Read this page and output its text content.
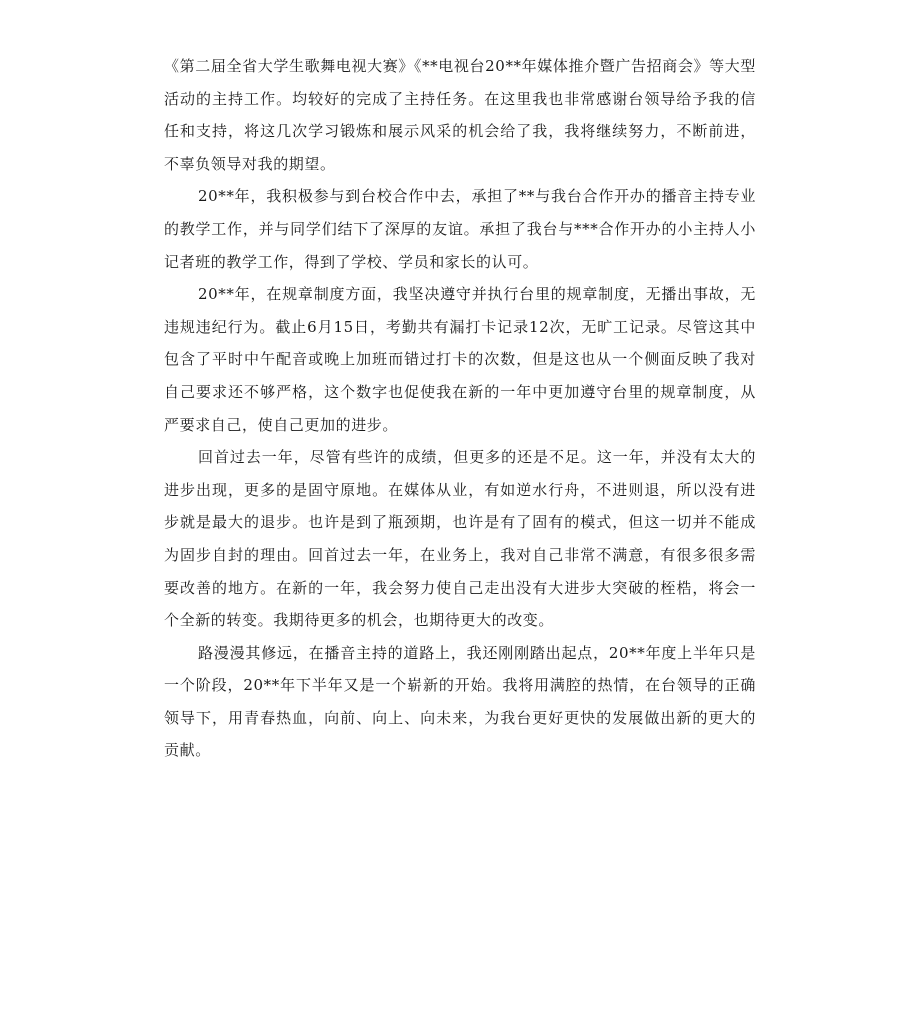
《第二届全省大学生歌舞电视大赛》《**电视台20**年媒体推介暨广告招商会》等大型活动的主持工作。均较好的完成了主持任务。在这里我也非常感谢台领导给予我的信任和支持，将这几次学习锻炼和展示风采的机会给了我，我将继续努力，不断前进，不辜负领导对我的期望。

20**年，我积极参与到台校合作中去，承担了**与我台合作开办的播音主持专业的教学工作，并与同学们结下了深厚的友谊。承担了我台与***合作开办的小主持人小记者班的教学工作，得到了学校、学员和家长的认可。

20**年，在规章制度方面，我坚决遵守并执行台里的规章制度，无播出事故，无违规违纪行为。截止6月15日，考勤共有漏打卡记录12次，无旷工记录。尽管这其中包含了平时中午配音或晚上加班而错过打卡的次数，但是这也从一个侧面反映了我对自己要求还不够严格，这个数字也促使我在新的一年中更加遵守台里的规章制度，从严要求自己，使自己更加的进步。

回首过去一年，尽管有些许的成绩，但更多的还是不足。这一年，并没有太大的进步出现，更多的是固守原地。在媒体从业，有如逆水行舟，不进则退，所以没有进步就是最大的退步。也许是到了瓶颈期，也许是有了固有的模式，但这一切并不能成为固步自封的理由。回首过去一年，在业务上，我对自己非常不满意，有很多很多需要改善的地方。在新的一年，我会努力使自己走出没有大进步大突破的桎梏，将会一个全新的转变。我期待更多的机会，也期待更大的改变。

路漫漫其修远，在播音主持的道路上，我还刚刚踏出起点，20**年度上半年只是一个阶段，20**年下半年又是一个崭新的开始。我将用满腔的热情，在台领导的正确领导下，用青春热血，向前、向上、向未来，为我台更好更快的发展做出新的更大的贡献。
